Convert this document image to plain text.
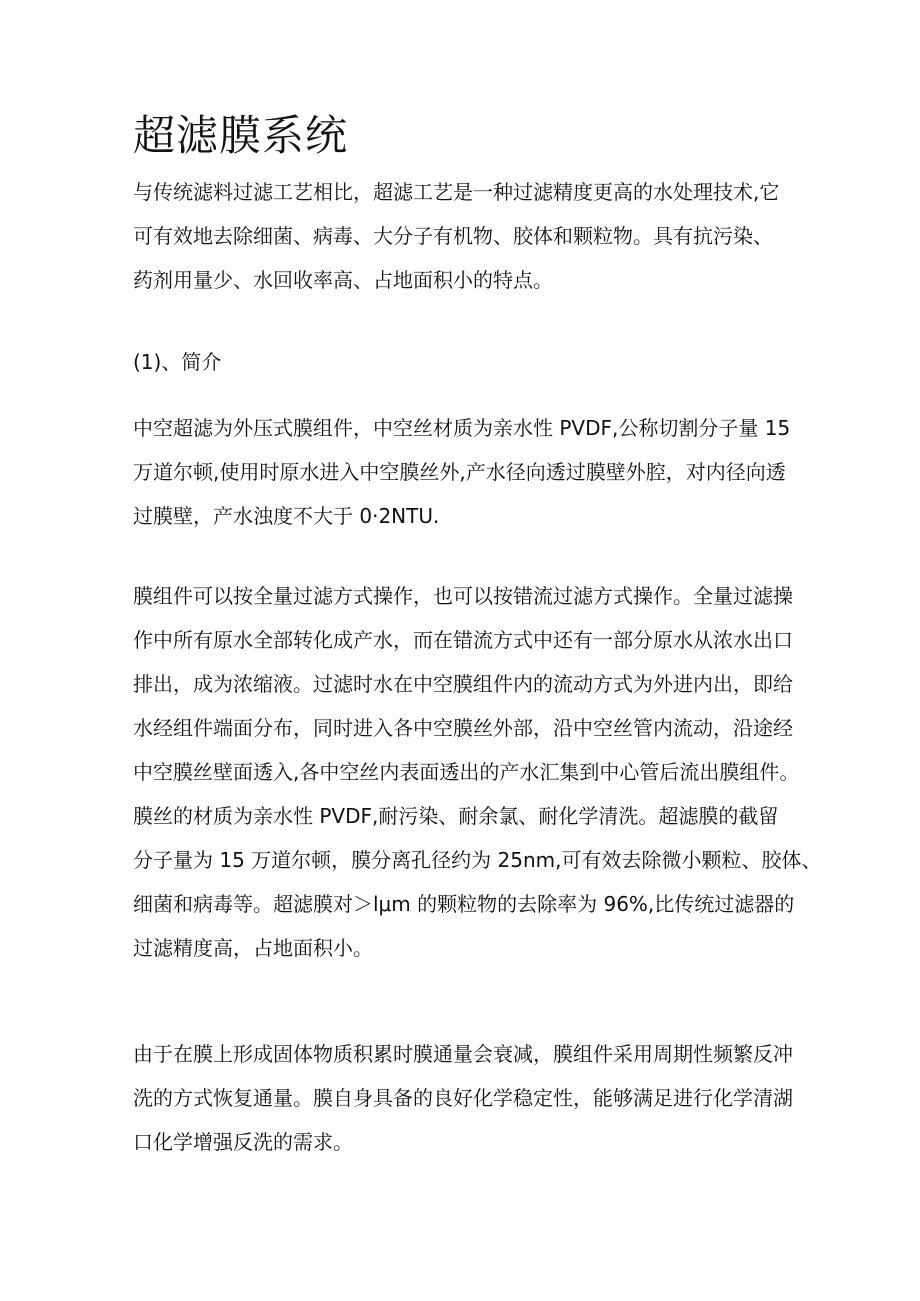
超滤膜系统
与传统滤料过滤工艺相比，超滤工艺是一种过滤精度更高的水处理技术,它
可有效地去除细菌、病毒、大分子有机物、胶体和颗粒物。具有抗污染、
药剂用量少、水回收率高、占地面积小的特点。
(1)、简介
中空超滤为外压式膜组件，中空丝材质为亲水性 PVDF,公称切割分子量 15
万道尔顿,使用时原水进入中空膜丝外,产水径向透过膜壁外腔，对内径向透
过膜壁，产水浊度不大于 0·2NTU.
膜组件可以按全量过滤方式操作，也可以按错流过滤方式操作。全量过滤操
作中所有原水全部转化成产水，而在错流方式中还有一部分原水从浓水出口
排出，成为浓缩液。过滤时水在中空膜组件内的流动方式为外进内出，即给
水经组件端面分布，同时进入各中空膜丝外部，沿中空丝管内流动，沿途经
中空膜丝壁面透入,各中空丝内表面透出的产水汇集到中心管后流出膜组件。
膜丝的材质为亲水性 PVDF,耐污染、耐余氯、耐化学清洗。超滤膜的截留
分子量为 15 万道尔顿，膜分离孔径约为 25nm,可有效去除微小颗粒、胶体、
细菌和病毒等。超滤膜对＞lμm 的颗粒物的去除率为 96%,比传统过滤器的
过滤精度高，占地面积小。
由于在膜上形成固体物质积累时膜通量会衰减，膜组件采用周期性频繁反冲
洗的方式恢复通量。膜自身具备的良好化学稳定性，能够满足进行化学清湖
口化学增强反洗的需求。
